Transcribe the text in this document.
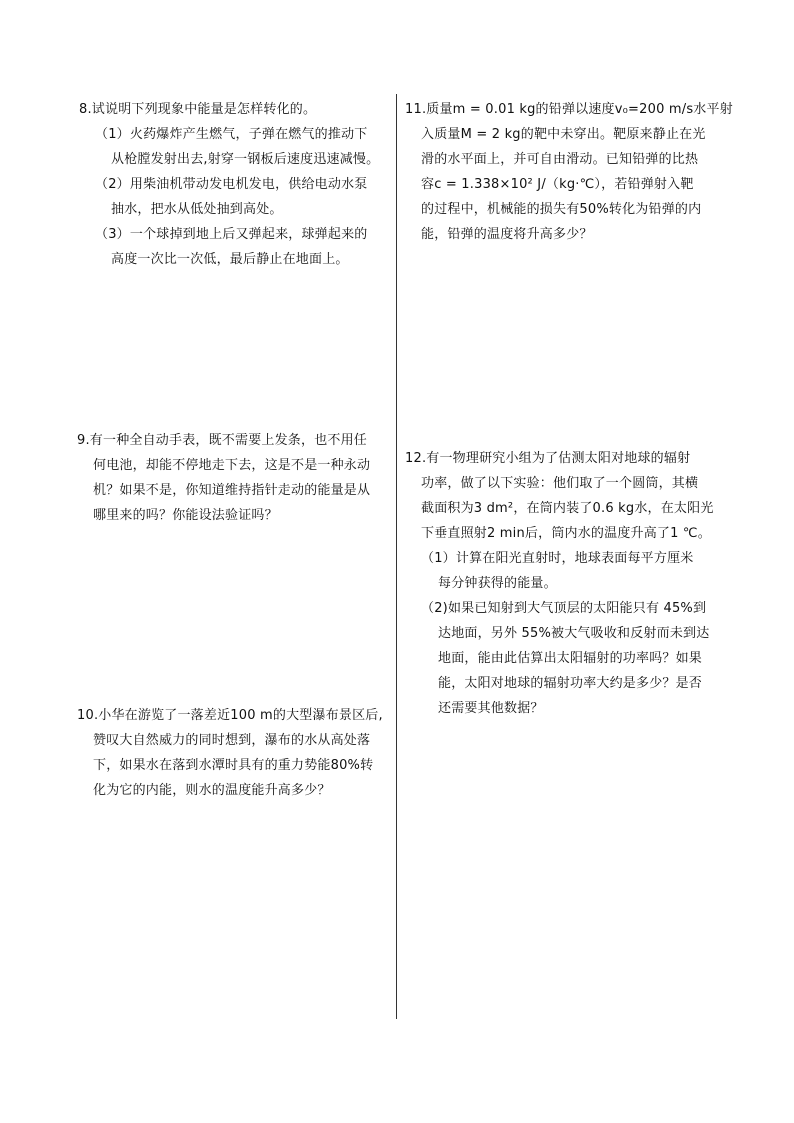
8.试说明下列现象中能量是怎样转化的。
（1）火药爆炸产生燃气，子弹在燃气的推动下
从枪膛发射出去,射穿一钢板后速度迅速减慢。
（2）用柴油机带动发电机发电，供给电动水泵
抽水，把水从低处抽到高处。
（3）一个球掉到地上后又弹起来，球弹起来的
高度一次比一次低，最后静止在地面上。
9.有一种全自动手表，既不需要上发条，也不用任
何电池，却能不停地走下去，这是不是一种永动
机？如果不是，你知道维持指针走动的能量是从
哪里来的吗？你能设法验证吗？
10.小华在游览了一落差近100 m的大型瀑布景区后,
赞叹大自然威力的同时想到，瀑布的水从高处落
下，如果水在落到水潭时具有的重力势能80%转
化为它的内能，则水的温度能升高多少？
11.质量m = 0.01 kg的铅弹以速度v₀=200 m/s水平射
入质量M = 2 kg的靶中未穿出。靶原来静止在光
滑的水平面上，并可自由滑动。已知铅弹的比热
容c = 1.338×10² J/（kg·℃），若铅弹射入靶
的过程中，机械能的损失有50%转化为铅弹的内
能，铅弹的温度将升高多少？
12.有一物理研究小组为了估测太阳对地球的辐射
功率，做了以下实验：他们取了一个圆筒，其横
截面积为3 dm²，在筒内装了0.6 kg水，在太阳光
下垂直照射2 min后，筒内水的温度升高了1 ℃。
（1）计算在阳光直射时，地球表面每平方厘米
每分钟获得的能量。
（2)如果已知射到大气顶层的太阳能只有 45%到
达地面，另外 55%被大气吸收和反射而未到达
地面，能由此估算出太阳辐射的功率吗？如果
能，太阳对地球的辐射功率大约是多少？是否
还需要其他数据？
